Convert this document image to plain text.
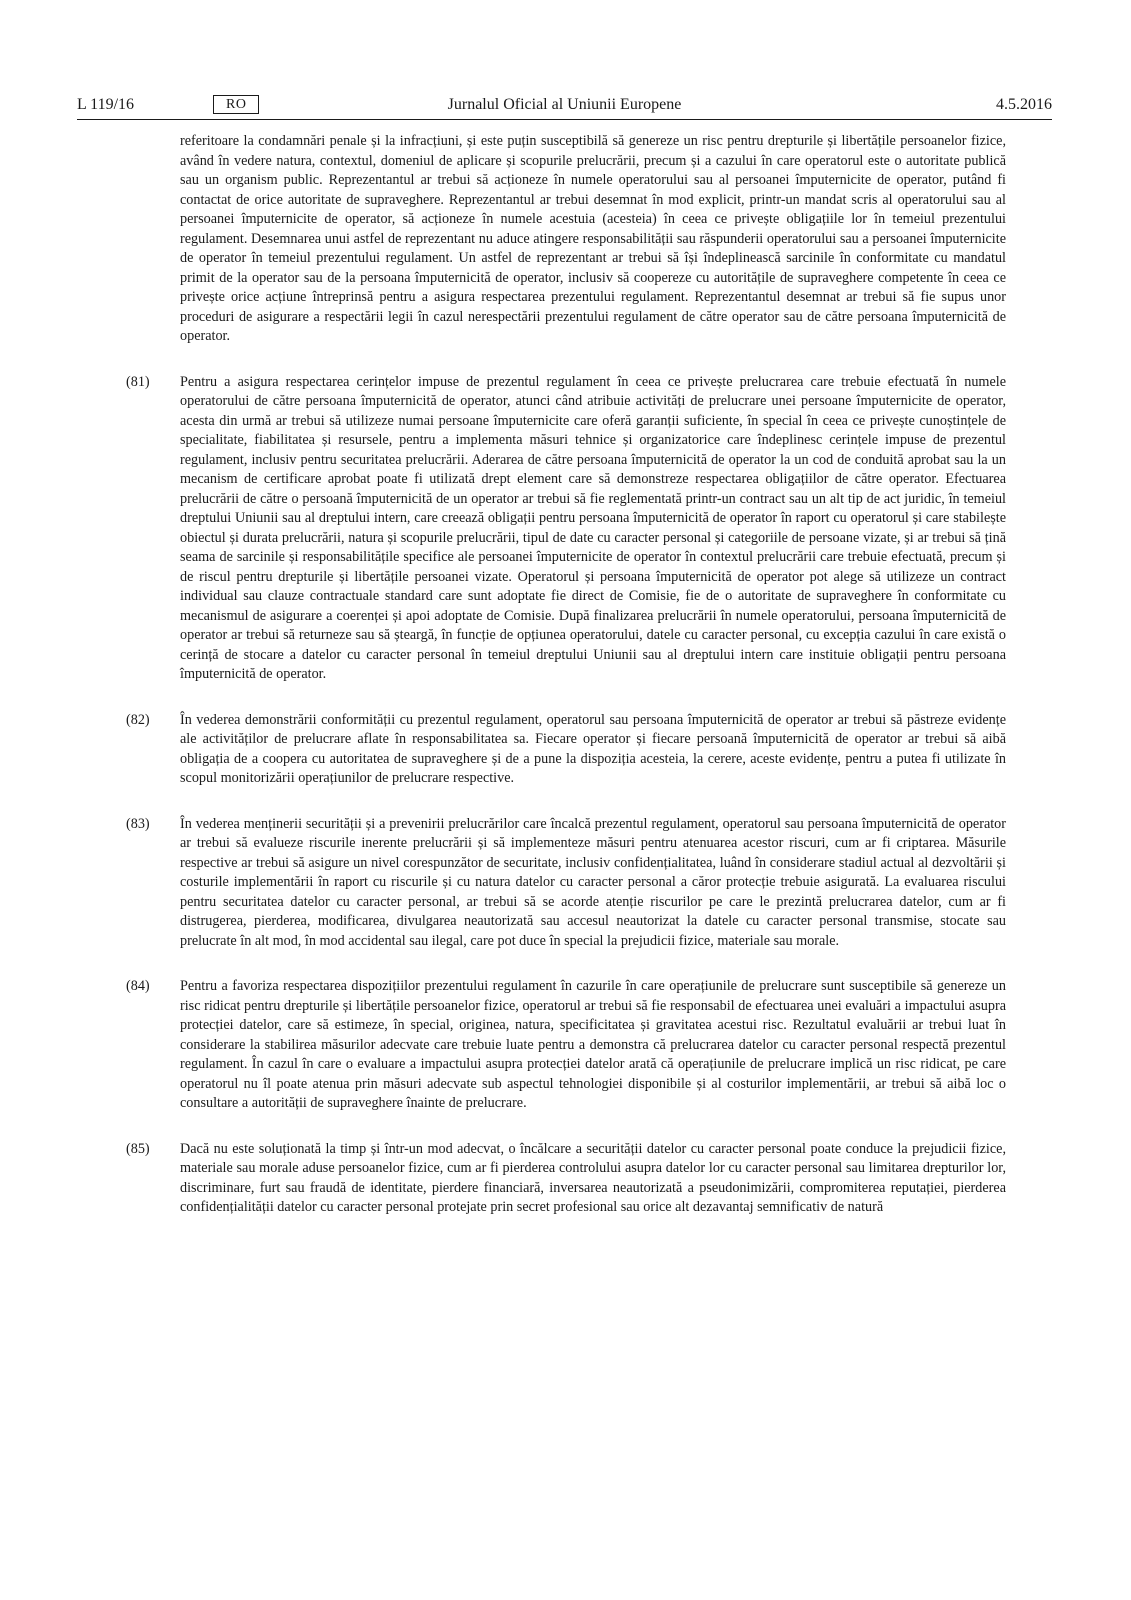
L 119/16	RO	Jurnalul Oficial al Uniunii Europene	4.5.2016

referitoare la condamnări penale și la infracțiuni, și este puțin susceptibilă să genereze un risc pentru drepturile și libertățile persoanelor fizice, având în vedere natura, contextul, domeniul de aplicare și scopurile prelucrării, precum și a cazului în care operatorul este o autoritate publică sau un organism public. Reprezentantul ar trebui să acționeze în numele operatorului sau al persoanei împuternicite de operator, putând fi contactat de orice autoritate de supraveghere. Reprezentantul ar trebui desemnat în mod explicit, printr-un mandat scris al operatorului sau al persoanei împuternicite de operator, să acționeze în numele acestuia (acesteia) în ceea ce privește obligațiile lor în temeiul prezentului regulament. Desemnarea unui astfel de reprezentant nu aduce atingere responsabilității sau răspunderii operatorului sau a persoanei împuternicite de operator în temeiul prezentului regulament. Un astfel de reprezentant ar trebui să își îndeplinească sarcinile în conformitate cu mandatul primit de la operator sau de la persoana împuternicită de operator, inclusiv să coopereze cu autoritățile de supraveghere competente în ceea ce privește orice acțiune întreprinsă pentru a asigura respectarea prezentului regulament. Reprezentantul desemnat ar trebui să fie supus unor proceduri de asigurare a respectării legii în cazul nerespectării prezentului regulament de către operator sau de către persoana împuternicită de operator.

(81) Pentru a asigura respectarea cerințelor impuse de prezentul regulament în ceea ce privește prelucrarea care trebuie efectuată în numele operatorului de către persoana împuternicită de operator, atunci când atribuie activități de prelucrare unei persoane împuternicite de operator, acesta din urmă ar trebui să utilizeze numai persoane împuternicite care oferă garanții suficiente, în special în ceea ce privește cunoștințele de specialitate, fiabilitatea și resursele, pentru a implementa măsuri tehnice și organizatorice care îndeplinesc cerințele impuse de prezentul regulament, inclusiv pentru securitatea prelucrării. Aderarea de către persoana împuternicită de operator la un cod de conduită aprobat sau la un mecanism de certificare aprobat poate fi utilizată drept element care să demonstreze respectarea obligațiilor de către operator. Efectuarea prelucrării de către o persoană împuternicită de un operator ar trebui să fie reglementată printr-un contract sau un alt tip de act juridic, în temeiul dreptului Uniunii sau al dreptului intern, care creează obligații pentru persoana împuternicită de operator în raport cu operatorul și care stabilește obiectul și durata prelucrării, natura și scopurile prelucrării, tipul de date cu caracter personal și categoriile de persoane vizate, și ar trebui să țină seama de sarcinile și responsabilitățile specifice ale persoanei împuternicite de operator în contextul prelucrării care trebuie efectuată, precum și de riscul pentru drepturile și libertățile persoanei vizate. Operatorul și persoana împuternicită de operator pot alege să utilizeze un contract individual sau clauze contractuale standard care sunt adoptate fie direct de Comisie, fie de o autoritate de supraveghere în conformitate cu mecanismul de asigurare a coerenței și apoi adoptate de Comisie. După finalizarea prelucrării în numele operatorului, persoana împuternicită de operator ar trebui să returneze sau să șteargă, în funcție de opțiunea operatorului, datele cu caracter personal, cu excepția cazului în care există o cerință de stocare a datelor cu caracter personal în temeiul dreptului Uniunii sau al dreptului intern care instituie obligații pentru persoana împuternicită de operator.

(82) În vederea demonstrării conformității cu prezentul regulament, operatorul sau persoana împuternicită de operator ar trebui să păstreze evidențe ale activităților de prelucrare aflate în responsabilitatea sa. Fiecare operator și fiecare persoană împuternicită de operator ar trebui să aibă obligația de a coopera cu autoritatea de supraveghere și de a pune la dispoziția acesteia, la cerere, aceste evidențe, pentru a putea fi utilizate în scopul monitorizării operațiunilor de prelucrare respective.

(83) În vederea menținerii securității și a prevenirii prelucrărilor care încalcă prezentul regulament, operatorul sau persoana împuternicită de operator ar trebui să evalueze riscurile inerente prelucrării și să implementeze măsuri pentru atenuarea acestor riscuri, cum ar fi criptarea. Măsurile respective ar trebui să asigure un nivel corespunzător de securitate, inclusiv confidențialitatea, luând în considerare stadiul actual al dezvoltării și costurile implementării în raport cu riscurile și cu natura datelor cu caracter personal a căror protecție trebuie asigurată. La evaluarea riscului pentru securitatea datelor cu caracter personal, ar trebui să se acorde atenție riscurilor pe care le prezintă prelucrarea datelor, cum ar fi distrugerea, pierderea, modificarea, divulgarea neautorizată sau accesul neautorizat la datele cu caracter personal transmise, stocate sau prelucrate în alt mod, în mod accidental sau ilegal, care pot duce în special la prejudicii fizice, materiale sau morale.

(84) Pentru a favoriza respectarea dispozițiilor prezentului regulament în cazurile în care operațiunile de prelucrare sunt susceptibile să genereze un risc ridicat pentru drepturile și libertățile persoanelor fizice, operatorul ar trebui să fie responsabil de efectuarea unei evaluări a impactului asupra protecției datelor, care să estimeze, în special, originea, natura, specificitatea și gravitatea acestui risc. Rezultatul evaluării ar trebui luat în considerare la stabilirea măsurilor adecvate care trebuie luate pentru a demonstra că prelucrarea datelor cu caracter personal respectă prezentul regulament. În cazul în care o evaluare a impactului asupra protecției datelor arată că operațiunile de prelucrare implică un risc ridicat, pe care operatorul nu îl poate atenua prin măsuri adecvate sub aspectul tehnologiei disponibile și al costurilor implementării, ar trebui să aibă loc o consultare a autorității de supraveghere înainte de prelucrare.

(85) Dacă nu este soluționată la timp și într-un mod adecvat, o încălcare a securității datelor cu caracter personal poate conduce la prejudicii fizice, materiale sau morale aduse persoanelor fizice, cum ar fi pierderea controlului asupra datelor lor cu caracter personal sau limitarea drepturilor lor, discriminare, furt sau fraudă de identitate, pierdere financiară, inversarea neautorizată a pseudonimizării, compromiterea reputației, pierderea confidențialității datelor cu caracter personal protejate prin secret profesional sau orice alt dezavantaj semnificativ de natură
